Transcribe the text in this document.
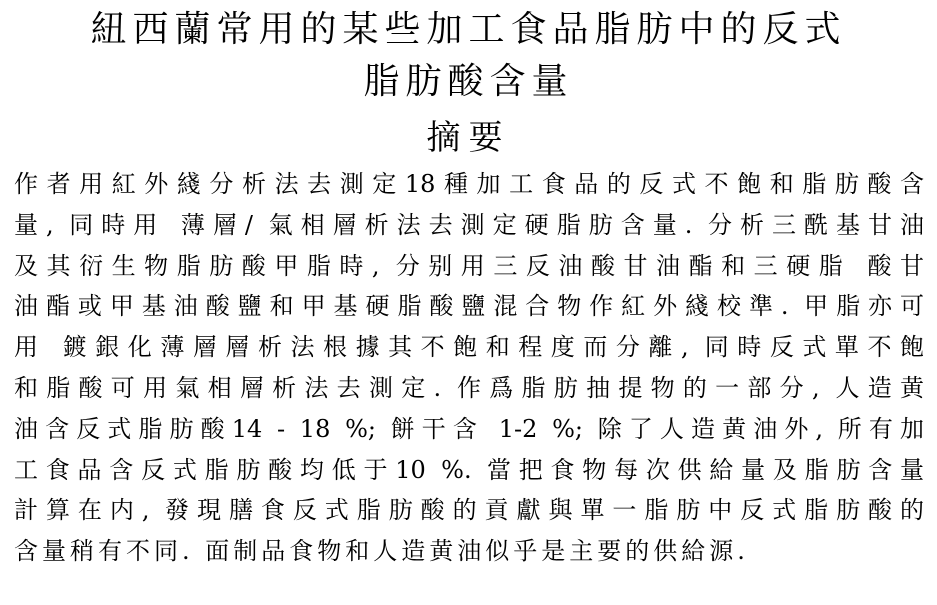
紐西蘭常用的某些加工食品脂肪中的反式
脂肪酸含量
摘要
作者用紅外綫分析法去測定18種加工食品的反式不飽和脂肪酸含
量, 同時用 薄層/ 氣相層析法去測定硬脂肪含量. 分析三酰基甘油
及其衍生物脂肪酸甲脂時, 分别用三反油酸甘油酯和三硬脂 酸甘
油酯或甲基油酸鹽和甲基硬脂酸鹽混合物作紅外綫校準. 甲脂亦可
用 鍍銀化薄層層析法根據其不飽和程度而分離, 同時反式單不飽
和脂酸可用氣相層析法去測定. 作爲脂肪抽提物的一部分, 人造黄
油含反式脂肪酸14 - 18 %; 餅干含 1-2 %; 除了人造黄油外, 所有加
工食品含反式脂肪酸均低于10 %. 當把食物每次供給量及脂肪含量
計算在内, 發現膳食反式脂肪酸的貢獻與單一脂肪中反式脂肪酸的
含量稍有不同. 面制品食物和人造黄油似乎是主要的供給源.
